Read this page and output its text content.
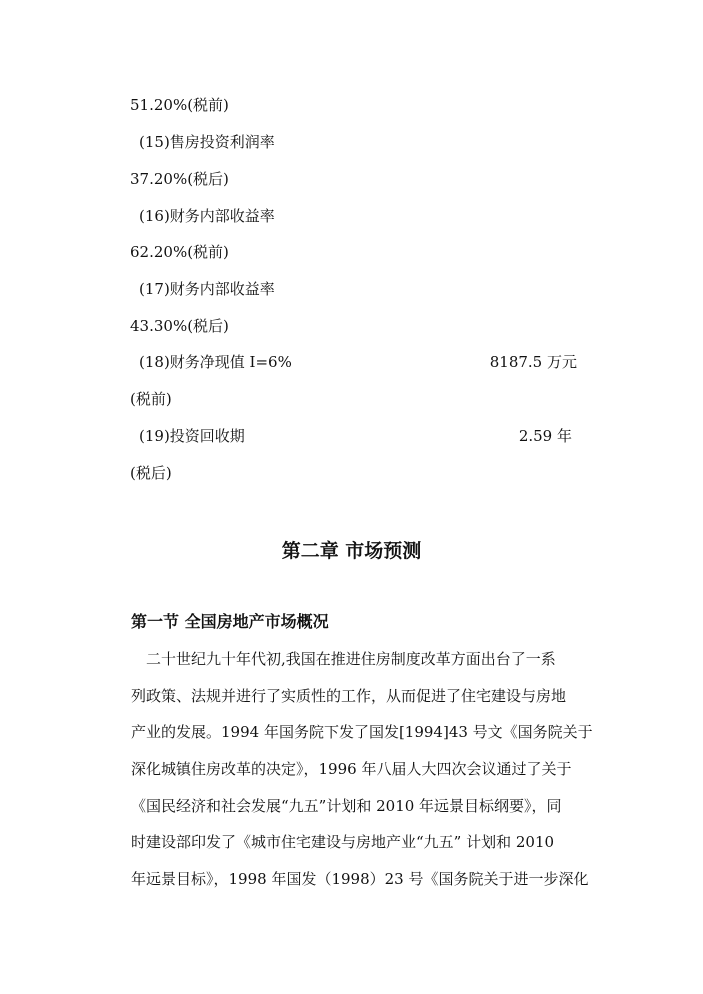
51.20%(税前)
(15)售房投资利润率
37.20%(税后)
(16)财务内部收益率
62.20%(税前)
(17)财务内部收益率
43.30%(税后)
(18)财务净现值 I=6%	8187.5 万元
(税前)
(19)投资回收期	2.59 年
(税后)
第二章 市场预测
第一节 全国房地产市场概况
二十世纪九十年代初,我国在推进住房制度改革方面出台了一系
列政策、法规并进行了实质性的工作，从而促进了住宅建设与房地
产业的发展。1994 年国务院下发了国发[1994]43 号文《国务院关于
深化城镇住房改革的决定》，1996 年八届人大四次会议通过了关于
《国民经济和社会发展“九五”计划和 2010 年远景目标纲要》，同
时建设部印发了《城市住宅建设与房地产业“九五” 计划和 2010
年远景目标》，1998 年国发（1998）23 号《国务院关于进一步深化
